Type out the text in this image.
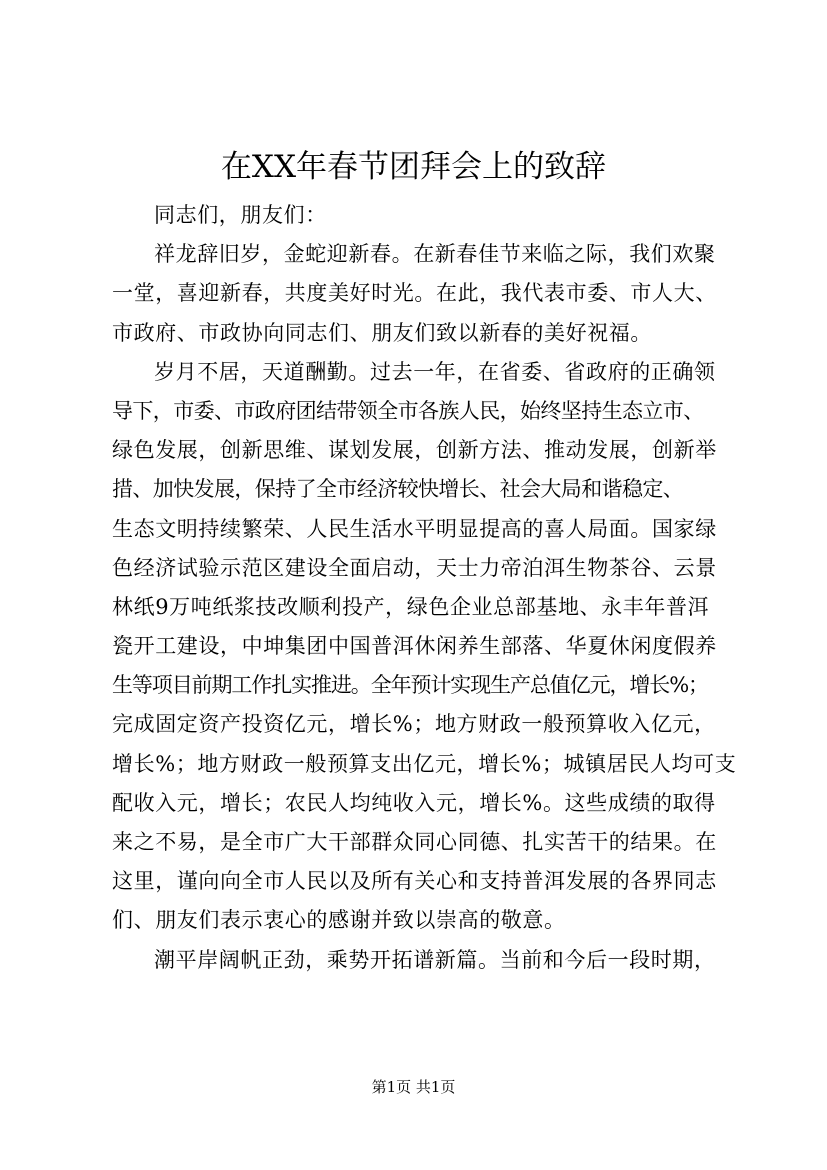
在XX年春节团拜会上的致辞
同志们，朋友们：
祥龙辞旧岁，金蛇迎新春。在新春佳节来临之际，我们欢聚
一堂，喜迎新春，共度美好时光。在此，我代表市委、市人大、
市政府、市政协向同志们、朋友们致以新春的美好祝福。
岁月不居，天道酬勤。过去一年，在省委、省政府的正确领
导下，市委、市政府团结带领全市各族人民，始终坚持生态立市、
绿色发展，创新思维、谋划发展，创新方法、推动发展，创新举
措、加快发展，保持了全市经济较快增长、社会大局和谐稳定、
生态文明持续繁荣、人民生活水平明显提高的喜人局面。国家绿
色经济试验示范区建设全面启动，天士力帝泊洱生物茶谷、云景
林纸9万吨纸浆技改顺利投产，绿色企业总部基地、永丰年普洱
瓷开工建设，中坤集团中国普洱休闲养生部落、华夏休闲度假养
生等项目前期工作扎实推进。全年预计实现生产总值亿元，增长%；
完成固定资产投资亿元，增长%；地方财政一般预算收入亿元，
增长%；地方财政一般预算支出亿元，增长%；城镇居民人均可支
配收入元，增长；农民人均纯收入元，增长%。这些成绩的取得
来之不易，是全市广大干部群众同心同德、扎实苦干的结果。在
这里，谨向向全市人民以及所有关心和支持普洱发展的各界同志
们、朋友们表示衷心的感谢并致以崇高的敬意。
潮平岸阔帆正劲，乘势开拓谱新篇。当前和今后一段时期，
第1页 共1页
